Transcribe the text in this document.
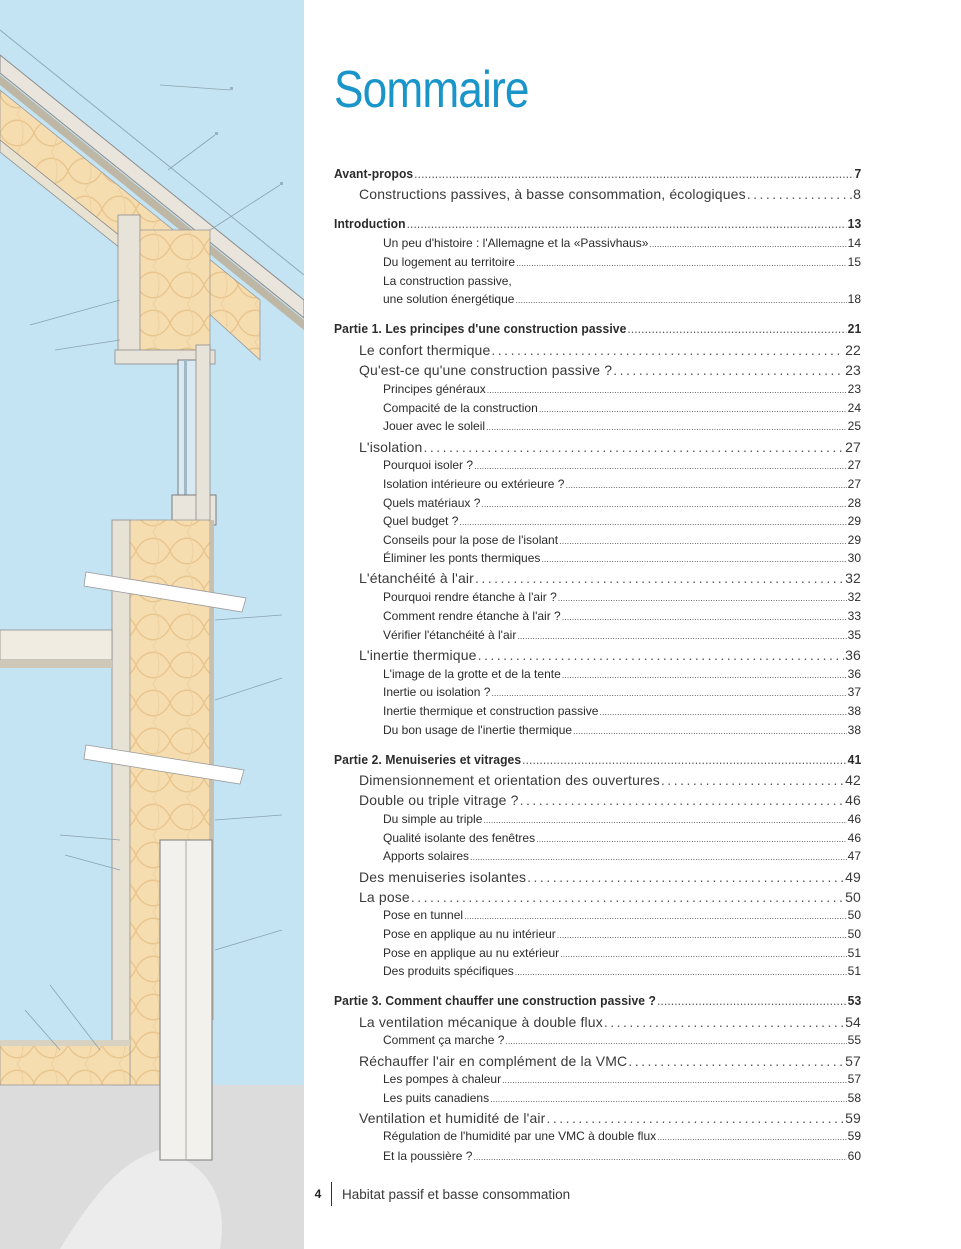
Sommaire
Avant-propos .....	7
Constructions passives, à basse consommation, écologiques .....	8
Introduction .....	13
Un peu d'histoire : l'Allemagne et la «Passivhaus» .....	14
Du logement au territoire .....	15
La construction passive,
une solution énergétique .....	18
Partie 1. Les principes d'une construction passive .....	21
Le confort thermique .....	22
Qu'est-ce qu'une construction passive ? .....	23
Principes généraux .....	23
Compacité de la construction .....	24
Jouer avec le soleil .....	25
L'isolation .....	27
Pourquoi isoler ? .....	27
Isolation intérieure ou extérieure ? .....	27
Quels matériaux ? .....	28
Quel budget ? .....	29
Conseils pour la pose de l'isolant .....	29
Éliminer les ponts thermiques .....	30
L'étanchéité à l'air .....	32
Pourquoi rendre étanche à l'air ? .....	32
Comment rendre étanche à l'air ? .....	33
Vérifier l'étanchéité à l'air .....	35
L'inertie thermique .....	36
L'image de la grotte et de la tente .....	36
Inertie ou isolation ? .....	37
Inertie thermique et construction passive .....	38
Du bon usage de l'inertie thermique .....	38
Partie 2. Menuiseries et vitrages .....	41
Dimensionnement et orientation des ouvertures .....	42
Double ou triple vitrage ? .....	46
Du simple au triple .....	46
Qualité isolante des fenêtres .....	46
Apports solaires .....	47
Des menuiseries isolantes .....	49
La pose .....	50
Pose en tunnel .....	50
Pose en applique au nu intérieur .....	50
Pose en applique au nu extérieur .....	51
Des produits spécifiques .....	51
Partie 3. Comment chauffer une construction passive ? .....	53
La ventilation mécanique à double flux .....	54
Comment ça marche ? .....	55
Réchauffer l'air en complément de la VMC .....	57
Les pompes à chaleur .....	57
Les puits canadiens .....	58
Ventilation et humidité de l'air .....	59
Régulation de l'humidité par une VMC à double flux .....	59
Et la poussière ? .....	60
4	Habitat passif et basse consommation
